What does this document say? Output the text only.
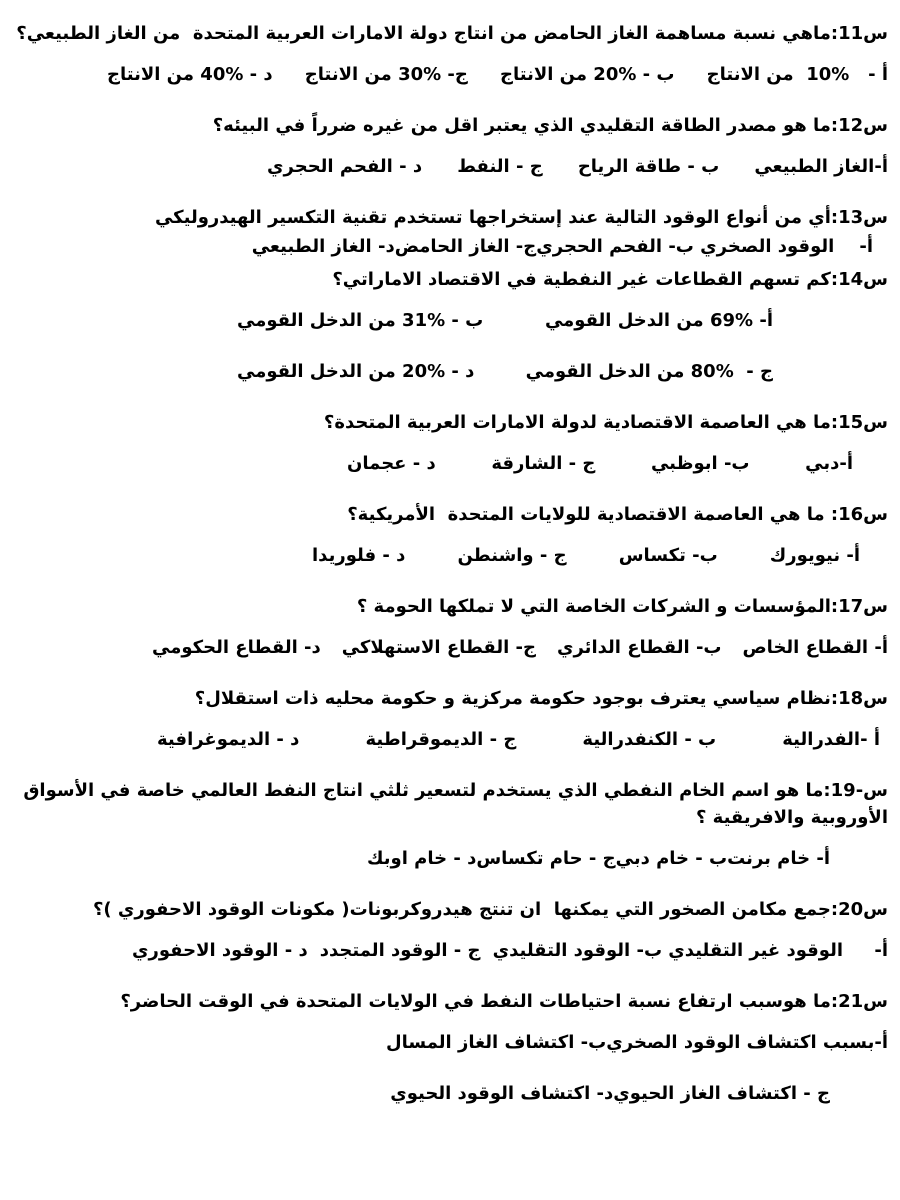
س11:ماهي نسبة مساهمة الغاز الحامض من انتاج دولة الامارات العربية المتحدة  من الغاز الطبيعي؟

أ -   %10  من الانتاج
ب - %20 من الانتاج
ج- %30 من الانتاج
د - %40 من الانتاج

س12:ما هو مصدر الطاقة التقليدي الذي يعتبر اقل من غيره ضرراً في البيئه؟

أ-الغاز الطبيعي
ب - طاقة الرياح
ج - النفط
د - الفحم الحجري

س13:أي من أنواع الوقود التالية عند إستخراجها تستخدم تقنية التكسير الهيدروليكي

أ-    الوقود الصخري ب- الفحم الحجري
ج- الغاز الحامض
د- الغاز الطبيعي

س14:كم تسهم القطاعات غير النفطية في الاقتصاد الاماراتي؟

أ- %69 من الدخل القومي
ب - %31 من الدخل القومي
ج -  %80 من الدخل القومي
د - %20 من الدخل القومي

س15:ما هي العاصمة الاقتصادية لدولة الامارات العربية المتحدة؟

أ-دبي
ب- ابوظبي
ج - الشارقة
د - عجمان

س16: ما هي العاصمة الاقتصادية للولايات المتحدة  الأمريكية؟

أ- نيويورك
ب- تكساس
ج - واشنطن
د - فلوريدا

س17:المؤسسات و الشركات الخاصة التي لا تملكها الحومة ؟

أ- القطاع الخاص
ب- القطاع الدائري
ج- القطاع الاستهلاكي
د- القطاع الحكومي

س18:نظام سياسي يعترف بوجود حكومة مركزية و حكومة محليه ذات استقلال؟

أ -الفدرالية
ب - الكنفدرالية
ج - الديموقراطية
د - الديموغرافية

س-19:ما هو اسم الخام النفطي الذي يستخدم لتسعير ثلثي انتاج النفط العالمي خاصة في الأسواق الأوروبية والافريقية ؟

أ- خام برنت
ب - خام دبي
ج - حام تكساس
د - خام اوبك

س20:جمع مكامن الصخور التي يمكنها  ان تنتج هيدروكربونات( مكونات الوقود الاحفوري )؟

أ-     الوقود غير التقليدي ب- الوقود التقليدي
ج - الوقود المتجدد
د - الوقود الاحفوري

س21:ما هوسبب ارتفاع نسبة احتياطات النفط في الولايات المتحدة في الوقت الحاضر؟

أ-بسبب اكتشاف الوقود الصخري
ب- اكتشاف الغاز المسال
ج - اكتشاف الغاز الحيوي
د- اكتشاف الوقود الحيوي
